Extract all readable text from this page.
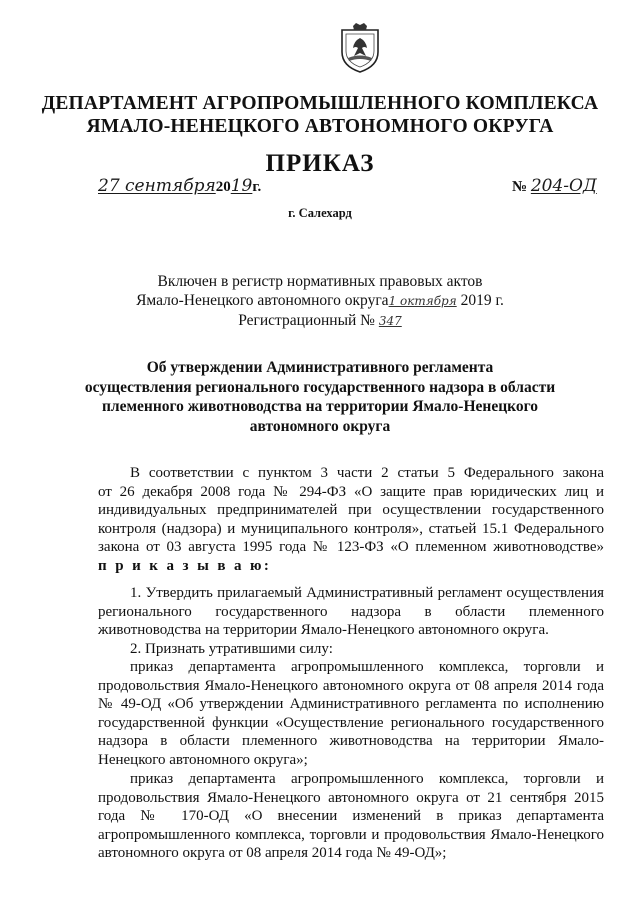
ДЕПАРТАМЕНТ АГРОПРОМЫШЛЕННОГО КОМПЛЕКСА
ЯМАЛО-НЕНЕЦКОГО АВТОНОМНОГО ОКРУГА
ПРИКАЗ
27 сентября2019г.	№ 204-ОД
г. Салехард
Включен в регистр нормативных правовых актов
Ямало-Ненецкого автономного округа1 октября 2019 г.
Регистрационный № 347
Об утверждении Административного регламента
осуществления регионального государственного надзора в области
племенного животноводства на территории Ямало-Ненецкого
автономного округа
В соответствии с пунктом 3 части 2 статьи 5 Федерального закона
от 26 декабря 2008 года № 294-ФЗ «О защите прав юридических лиц и
индивидуальных предпринимателей при осуществлении государственного
контроля (надзора) и муниципального контроля», статьей 15.1 Федерального
закона от 03 августа 1995 года № 123-ФЗ «О племенном животноводстве»
п р и к а з ы в а ю:
1. Утвердить прилагаемый Административный регламент осуществления
регионального государственного надзора в области племенного
животноводства на территории Ямало-Ненецкого автономного округа.
2. Признать утратившими силу:
приказ департамента агропромышленного комплекса, торговли и
продовольствия Ямало-Ненецкого автономного округа от 08 апреля 2014 года
№ 49-ОД «Об утверждении Административного регламента по исполнению
государственной функции «Осуществление регионального государственного
надзора в области племенного животноводства на территории Ямало-
Ненецкого автономного округа»;
приказ департамента агропромышленного комплекса, торговли и
продовольствия Ямало-Ненецкого автономного округа от 21 сентября 2015
года № 170-ОД «О внесении изменений в приказ департамента
агропромышленного комплекса, торговли и продовольствия Ямало-Ненецкого
автономного округа от 08 апреля 2014 года № 49-ОД»;
